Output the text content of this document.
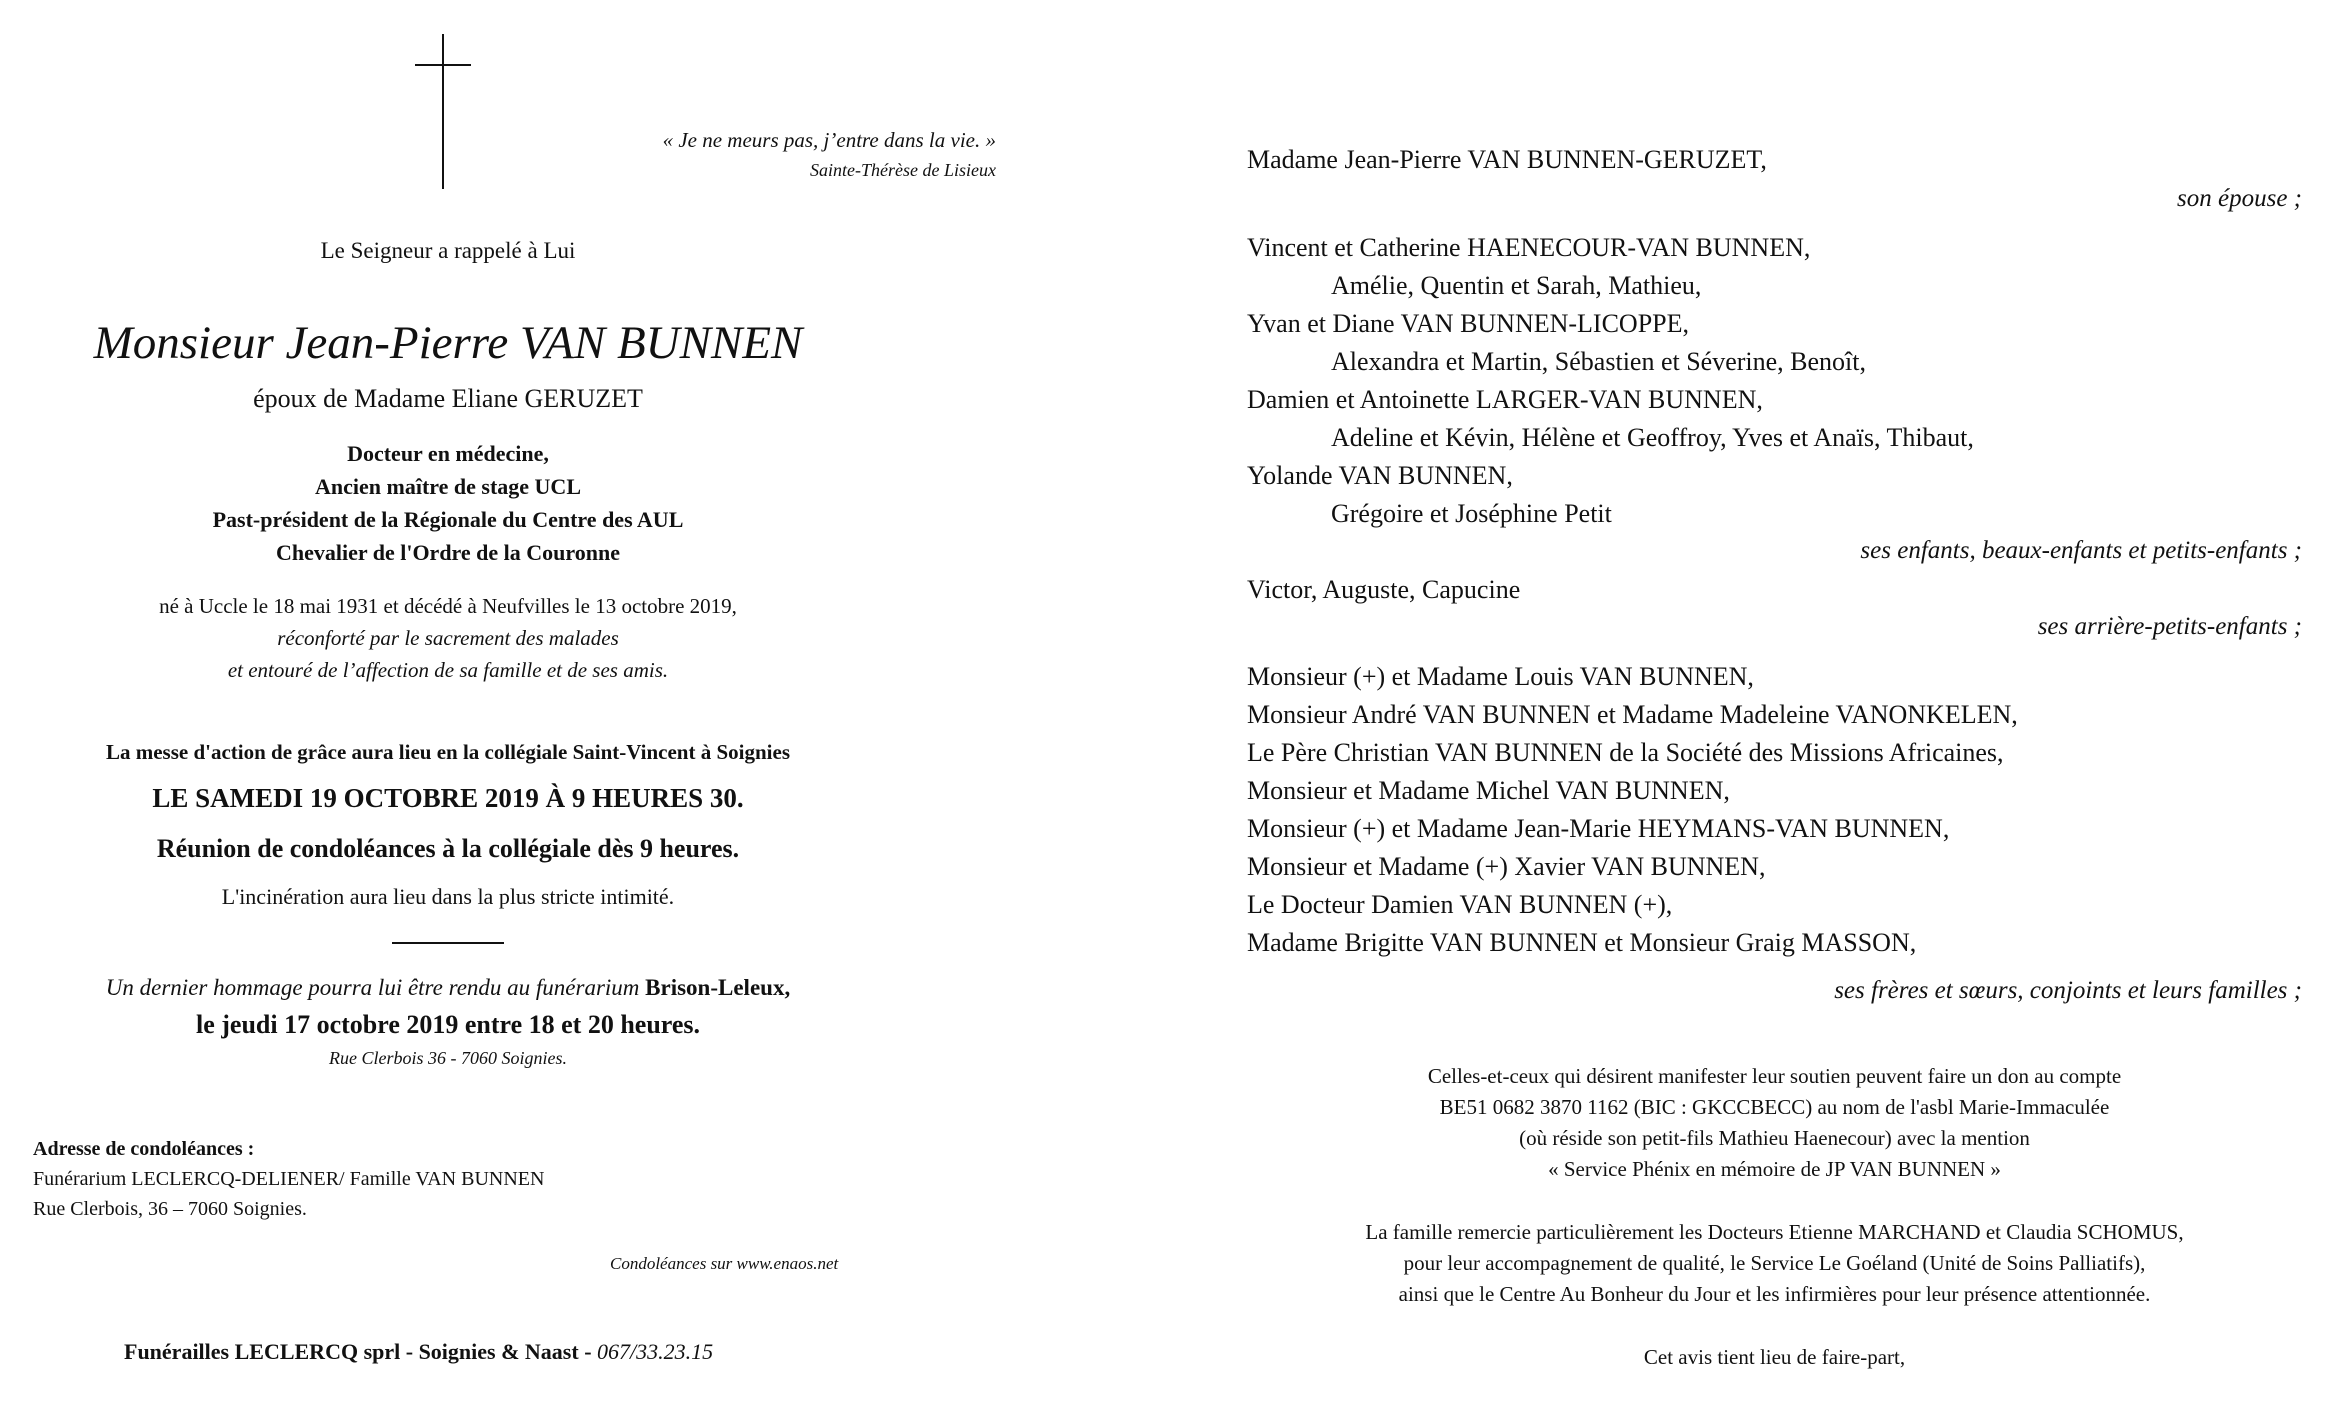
« Je ne meurs pas, j’entre dans la vie. »
Sainte-Thérèse de Lisieux
Le Seigneur a rappelé à Lui
Monsieur Jean-Pierre VAN BUNNEN
époux de Madame Eliane GERUZET
Docteur en médecine,
Ancien maître de stage UCL
Past-président de la Régionale du Centre des AUL
Chevalier de l'Ordre de la Couronne
né à Uccle le 18 mai 1931 et décédé à Neufvilles le 13 octobre 2019,
réconforté par le sacrement des malades
et entouré de l’affection de sa famille et de ses amis.
La messe d'action de grâce aura lieu en la collégiale Saint-Vincent à Soignies
LE SAMEDI 19 OCTOBRE 2019 À 9 HEURES 30.
Réunion de condoléances à la collégiale dès 9 heures.
L'incinération aura lieu dans la plus stricte intimité.
Un dernier hommage pourra lui être rendu au funérarium Brison-Leleux,
le jeudi 17 octobre 2019 entre 18 et 20 heures.
Rue Clerbois 36 - 7060 Soignies.
Adresse de condoléances :
Funérarium LECLERCQ-DELIENER/ Famille VAN BUNNEN
Rue Clerbois, 36 – 7060 Soignies.
Condoléances sur www.enaos.net
Funérailles LECLERCQ sprl - Soignies & Naast - 067/33.23.15
Madame Jean-Pierre VAN BUNNEN-GERUZET,
son épouse ;
Vincent et Catherine HAENECOUR-VAN BUNNEN,
Amélie, Quentin et Sarah, Mathieu,
Yvan et Diane VAN BUNNEN-LICOPPE,
Alexandra et Martin, Sébastien et Séverine, Benoît,
Damien et Antoinette LARGER-VAN BUNNEN,
Adeline et Kévin, Hélène et Geoffroy, Yves et Anaïs, Thibaut,
Yolande VAN BUNNEN,
Grégoire et Joséphine Petit
ses enfants, beaux-enfants et petits-enfants ;
Victor, Auguste, Capucine
ses arrière-petits-enfants ;
Monsieur (+) et Madame Louis VAN BUNNEN,
Monsieur André VAN BUNNEN et Madame Madeleine VANONKELEN,
Le Père Christian VAN BUNNEN de la Société des Missions Africaines,
Monsieur et Madame Michel VAN BUNNEN,
Monsieur (+) et Madame Jean-Marie HEYMANS-VAN BUNNEN,
Monsieur et Madame (+) Xavier VAN BUNNEN,
Le Docteur Damien VAN BUNNEN (+),
Madame Brigitte VAN BUNNEN et Monsieur Graig MASSON,
ses frères et sœurs, conjoints et leurs familles ;
Celles-et-ceux qui désirent manifester leur soutien peuvent faire un don au compte
BE51 0682 3870 1162 (BIC : GKCCBECC) au nom de l'asbl Marie-Immaculée
(où réside son petit-fils Mathieu Haenecour) avec la mention
« Service Phénix en mémoire de JP VAN BUNNEN »
La famille remercie particulièrement les Docteurs Etienne MARCHAND et Claudia SCHOMUS,
pour leur accompagnement de qualité, le Service Le Goéland (Unité de Soins Palliatifs),
ainsi que le Centre Au Bonheur du Jour et les infirmières pour leur présence attentionnée.
Cet avis tient lieu de faire-part,
